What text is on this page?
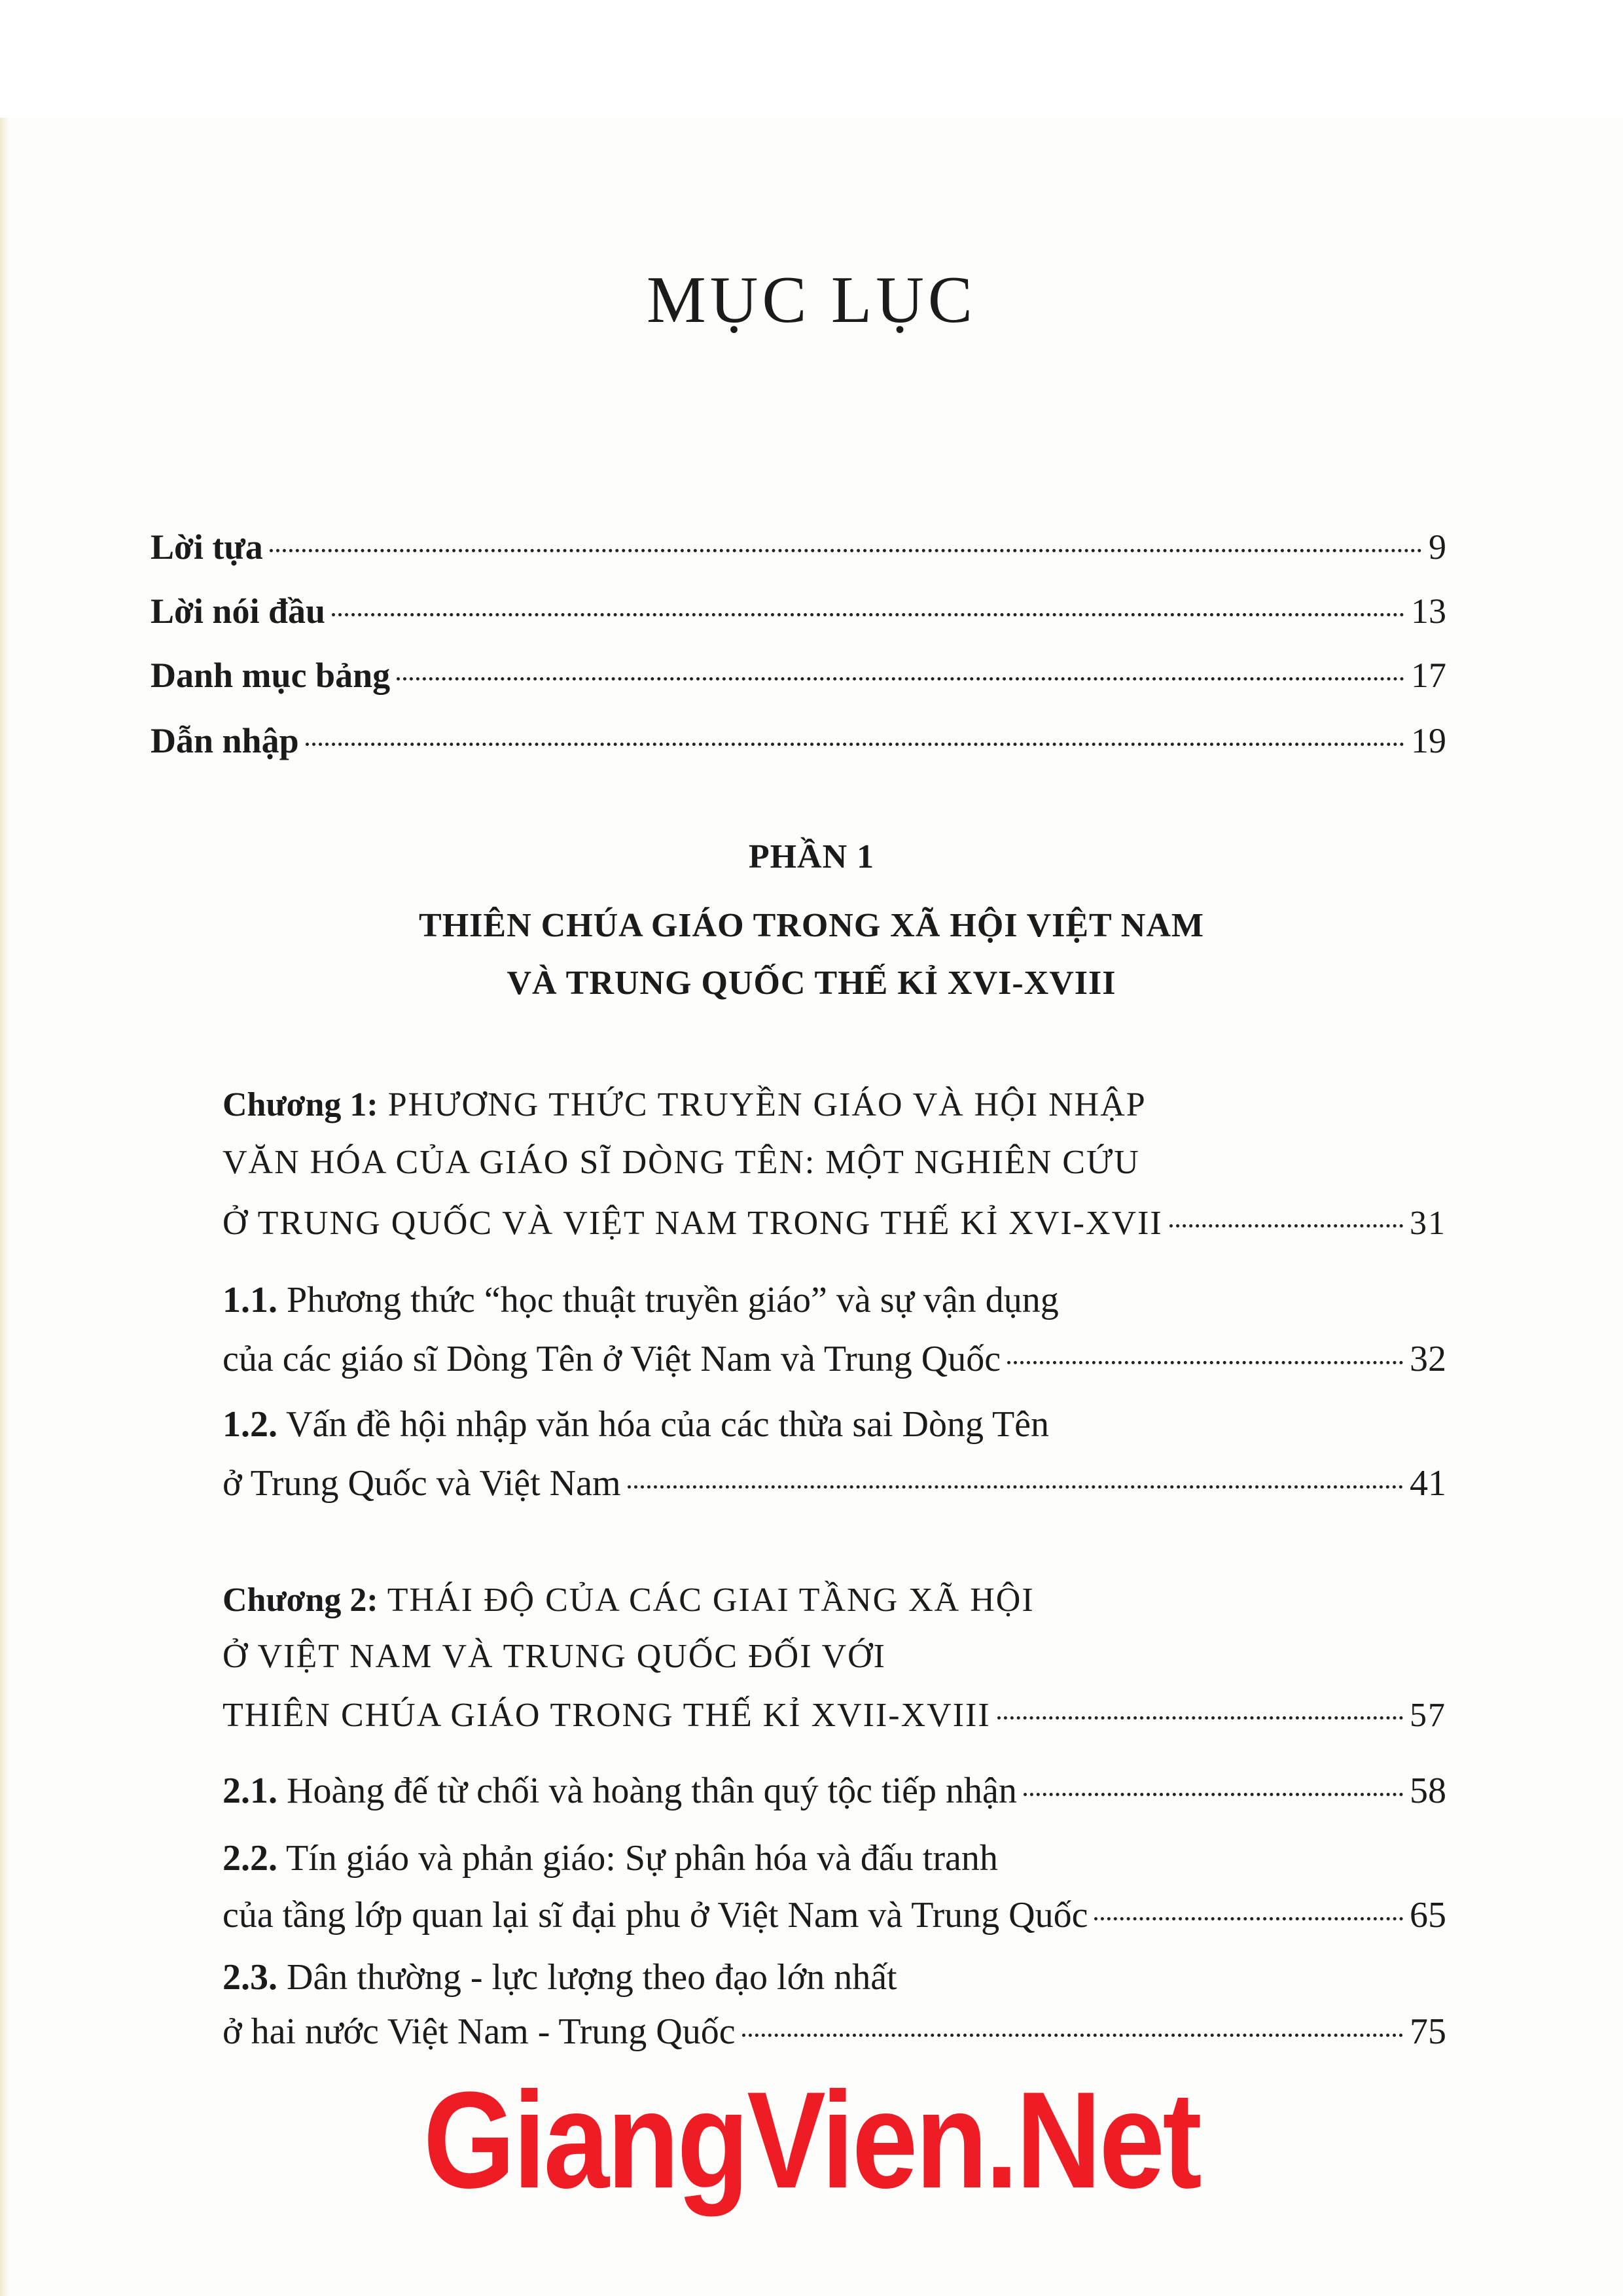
MỤC LỤC
Lời tựa	9
Lời nói đầu	13
Danh mục bảng	17
Dẫn nhập	19
PHẦN 1
THIÊN CHÚA GIÁO TRONG XÃ HỘI VIỆT NAM
VÀ TRUNG QUỐC THẾ KỈ XVI-XVIII
Chương 1: PHƯƠNG THỨC TRUYỀN GIÁO VÀ HỘI NHẬP
VĂN HÓA CỦA GIÁO SĨ DÒNG TÊN: MỘT NGHIÊN CỨU
Ở TRUNG QUỐC VÀ VIỆT NAM TRONG THẾ KỈ XVI-XVII	31
1.1. Phương thức “học thuật truyền giáo” và sự vận dụng
của các giáo sĩ Dòng Tên ở Việt Nam và Trung Quốc	32
1.2. Vấn đề hội nhập văn hóa của các thừa sai Dòng Tên
ở Trung Quốc và Việt Nam	41
Chương 2: THÁI ĐỘ CỦA CÁC GIAI TẦNG XÃ HỘI
Ở VIỆT NAM VÀ TRUNG QUỐC ĐỐI VỚI
THIÊN CHÚA GIÁO TRONG THẾ KỈ XVII-XVIII	57
2.1. Hoàng đế từ chối và hoàng thân quý tộc tiếp nhận	58
2.2. Tín giáo và phản giáo: Sự phân hóa và đấu tranh
của tầng lớp quan lại sĩ đại phu ở Việt Nam và Trung Quốc	65
2.3. Dân thường - lực lượng theo đạo lớn nhất
ở hai nước Việt Nam - Trung Quốc	75
GiangVien.Net
